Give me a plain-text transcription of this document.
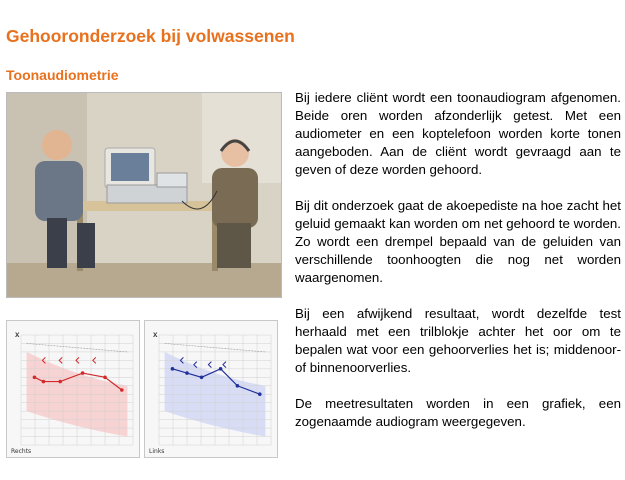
Gehooronderzoek bij volwassenen
Toonaudiometrie
x
Rechts
x
Links

Bij iedere cliënt wordt een toonaudiogram afgenomen. Beide oren worden afzonderlijk getest. Met een audiometer en een koptelefoon worden korte tonen aangeboden. Aan de cliënt wordt gevraagd aan te geven of deze worden gehoord.

Bij dit onderzoek gaat de akoepediste na hoe zacht het geluid gemaakt kan worden om net gehoord te worden. Zo wordt een drempel bepaald van de geluiden van verschillende toonhoogten die nog net worden waargenomen.

Bij een afwijkend resultaat, wordt dezelfde test herhaald met een trilblokje achter het oor om te bepalen wat voor een gehoorverlies het is; middenoor- of binnenoorverlies.

De meetresultaten worden in een grafiek, een zogenaamde audiogram weergegeven.
